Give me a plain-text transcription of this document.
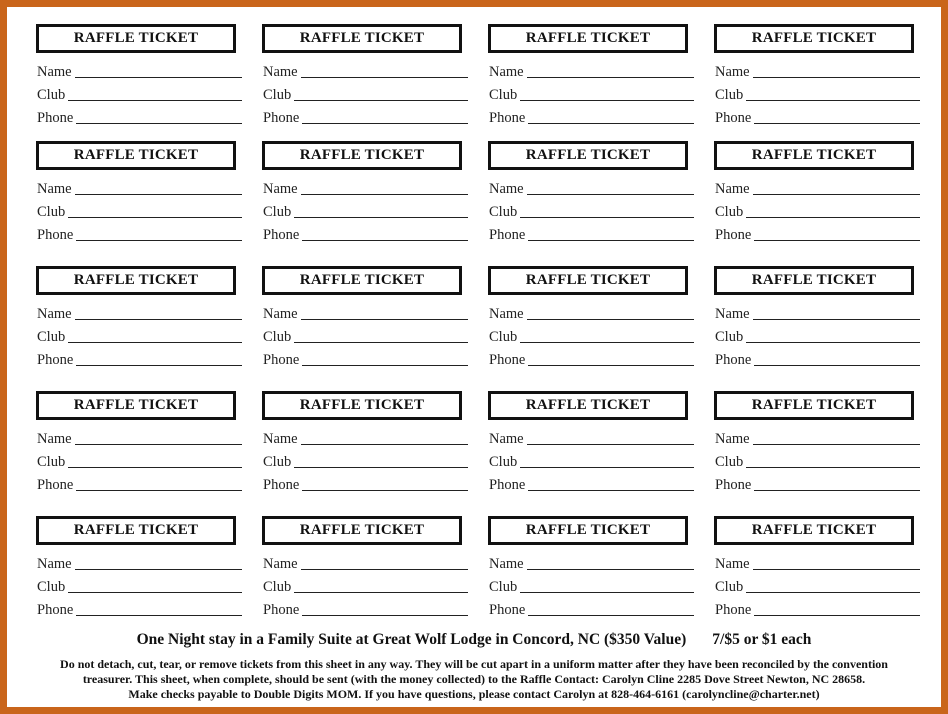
RAFFLE TICKET
Name
Club
Phone
RAFFLE TICKET
Name
Club
Phone
RAFFLE TICKET
Name
Club
Phone
RAFFLE TICKET
Name
Club
Phone
RAFFLE TICKET
Name
Club
Phone
RAFFLE TICKET
Name
Club
Phone
RAFFLE TICKET
Name
Club
Phone
RAFFLE TICKET
Name
Club
Phone
RAFFLE TICKET
Name
Club
Phone
RAFFLE TICKET
Name
Club
Phone
RAFFLE TICKET
Name
Club
Phone
RAFFLE TICKET
Name
Club
Phone
RAFFLE TICKET
Name
Club
Phone
RAFFLE TICKET
Name
Club
Phone
RAFFLE TICKET
Name
Club
Phone
RAFFLE TICKET
Name
Club
Phone
RAFFLE TICKET
Name
Club
Phone
RAFFLE TICKET
Name
Club
Phone
RAFFLE TICKET
Name
Club
Phone
RAFFLE TICKET
Name
Club
Phone
One Night stay in a Family Suite at Great Wolf Lodge in Concord, NC ($350 Value) 7/$5 or $1 each
Do not detach, cut, tear, or remove tickets from this sheet in any way. They will be cut apart in a uniform matter after they have been reconciled by the convention
treasurer. This sheet, when complete, should be sent (with the money collected) to the Raffle Contact: Carolyn Cline 2285 Dove Street Newton, NC 28658.
Make checks payable to Double Digits MOM. If you have questions, please contact Carolyn at 828-464-6161 (carolyncline@charter.net)
